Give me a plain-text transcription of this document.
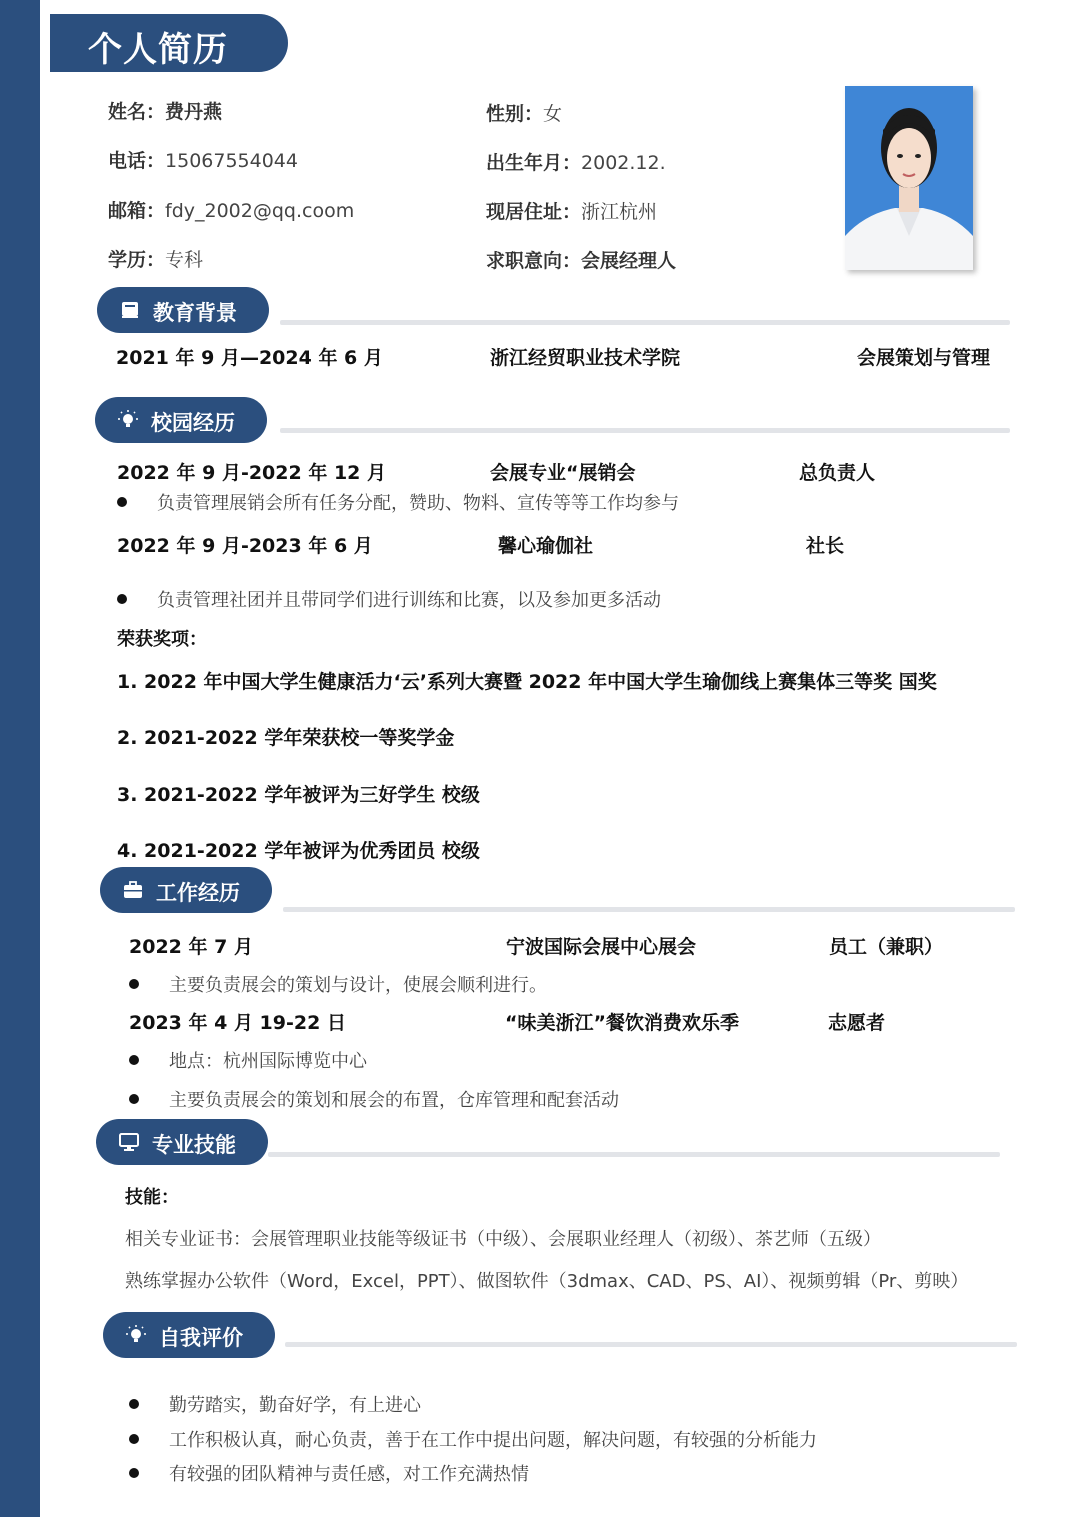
个人简历
姓名：费丹燕	性别：女
电话：15067554044	出生年月：2002.12.
邮箱：fdy_2002@qq.coom	现居住址：浙江杭州
学历：专科	求职意向：会展经理人
教育背景
2021 年 9 月—2024 年 6 月	浙江经贸职业技术学院	会展策划与管理
校园经历
2022 年 9 月-2022 年 12 月	会展专业“展销会	总负责人
负责管理展销会所有任务分配，赞助、物料、宣传等等工作均参与
2022 年 9 月-2023 年 6 月	馨心瑜伽社	社长
负责管理社团并且带同学们进行训练和比赛，以及参加更多活动
荣获奖项：
1. 2022 年中国大学生健康活力‘云’系列大赛暨 2022 年中国大学生瑜伽线上赛集体三等奖 国奖
2. 2021-2022 学年荣获校一等奖学金
3. 2021-2022 学年被评为三好学生 校级
4. 2021-2022 学年被评为优秀团员 校级
工作经历
2022 年 7 月	宁波国际会展中心展会	员工（兼职）
主要负责展会的策划与设计，使展会顺利进行。
2023 年 4 月 19-22 日	“味美浙江”餐饮消费欢乐季	志愿者
地点：杭州国际博览中心
主要负责展会的策划和展会的布置，仓库管理和配套活动
专业技能
技能：
相关专业证书：会展管理职业技能等级证书（中级）、会展职业经理人（初级）、茶艺师（五级）
熟练掌握办公软件（Word，Excel，PPT）、做图软件（3dmax、CAD、PS、AI）、视频剪辑（Pr、剪映）
自我评价
勤劳踏实，勤奋好学，有上进心
工作积极认真，耐心负责，善于在工作中提出问题，解决问题，有较强的分析能力
有较强的团队精神与责任感，对工作充满热情
